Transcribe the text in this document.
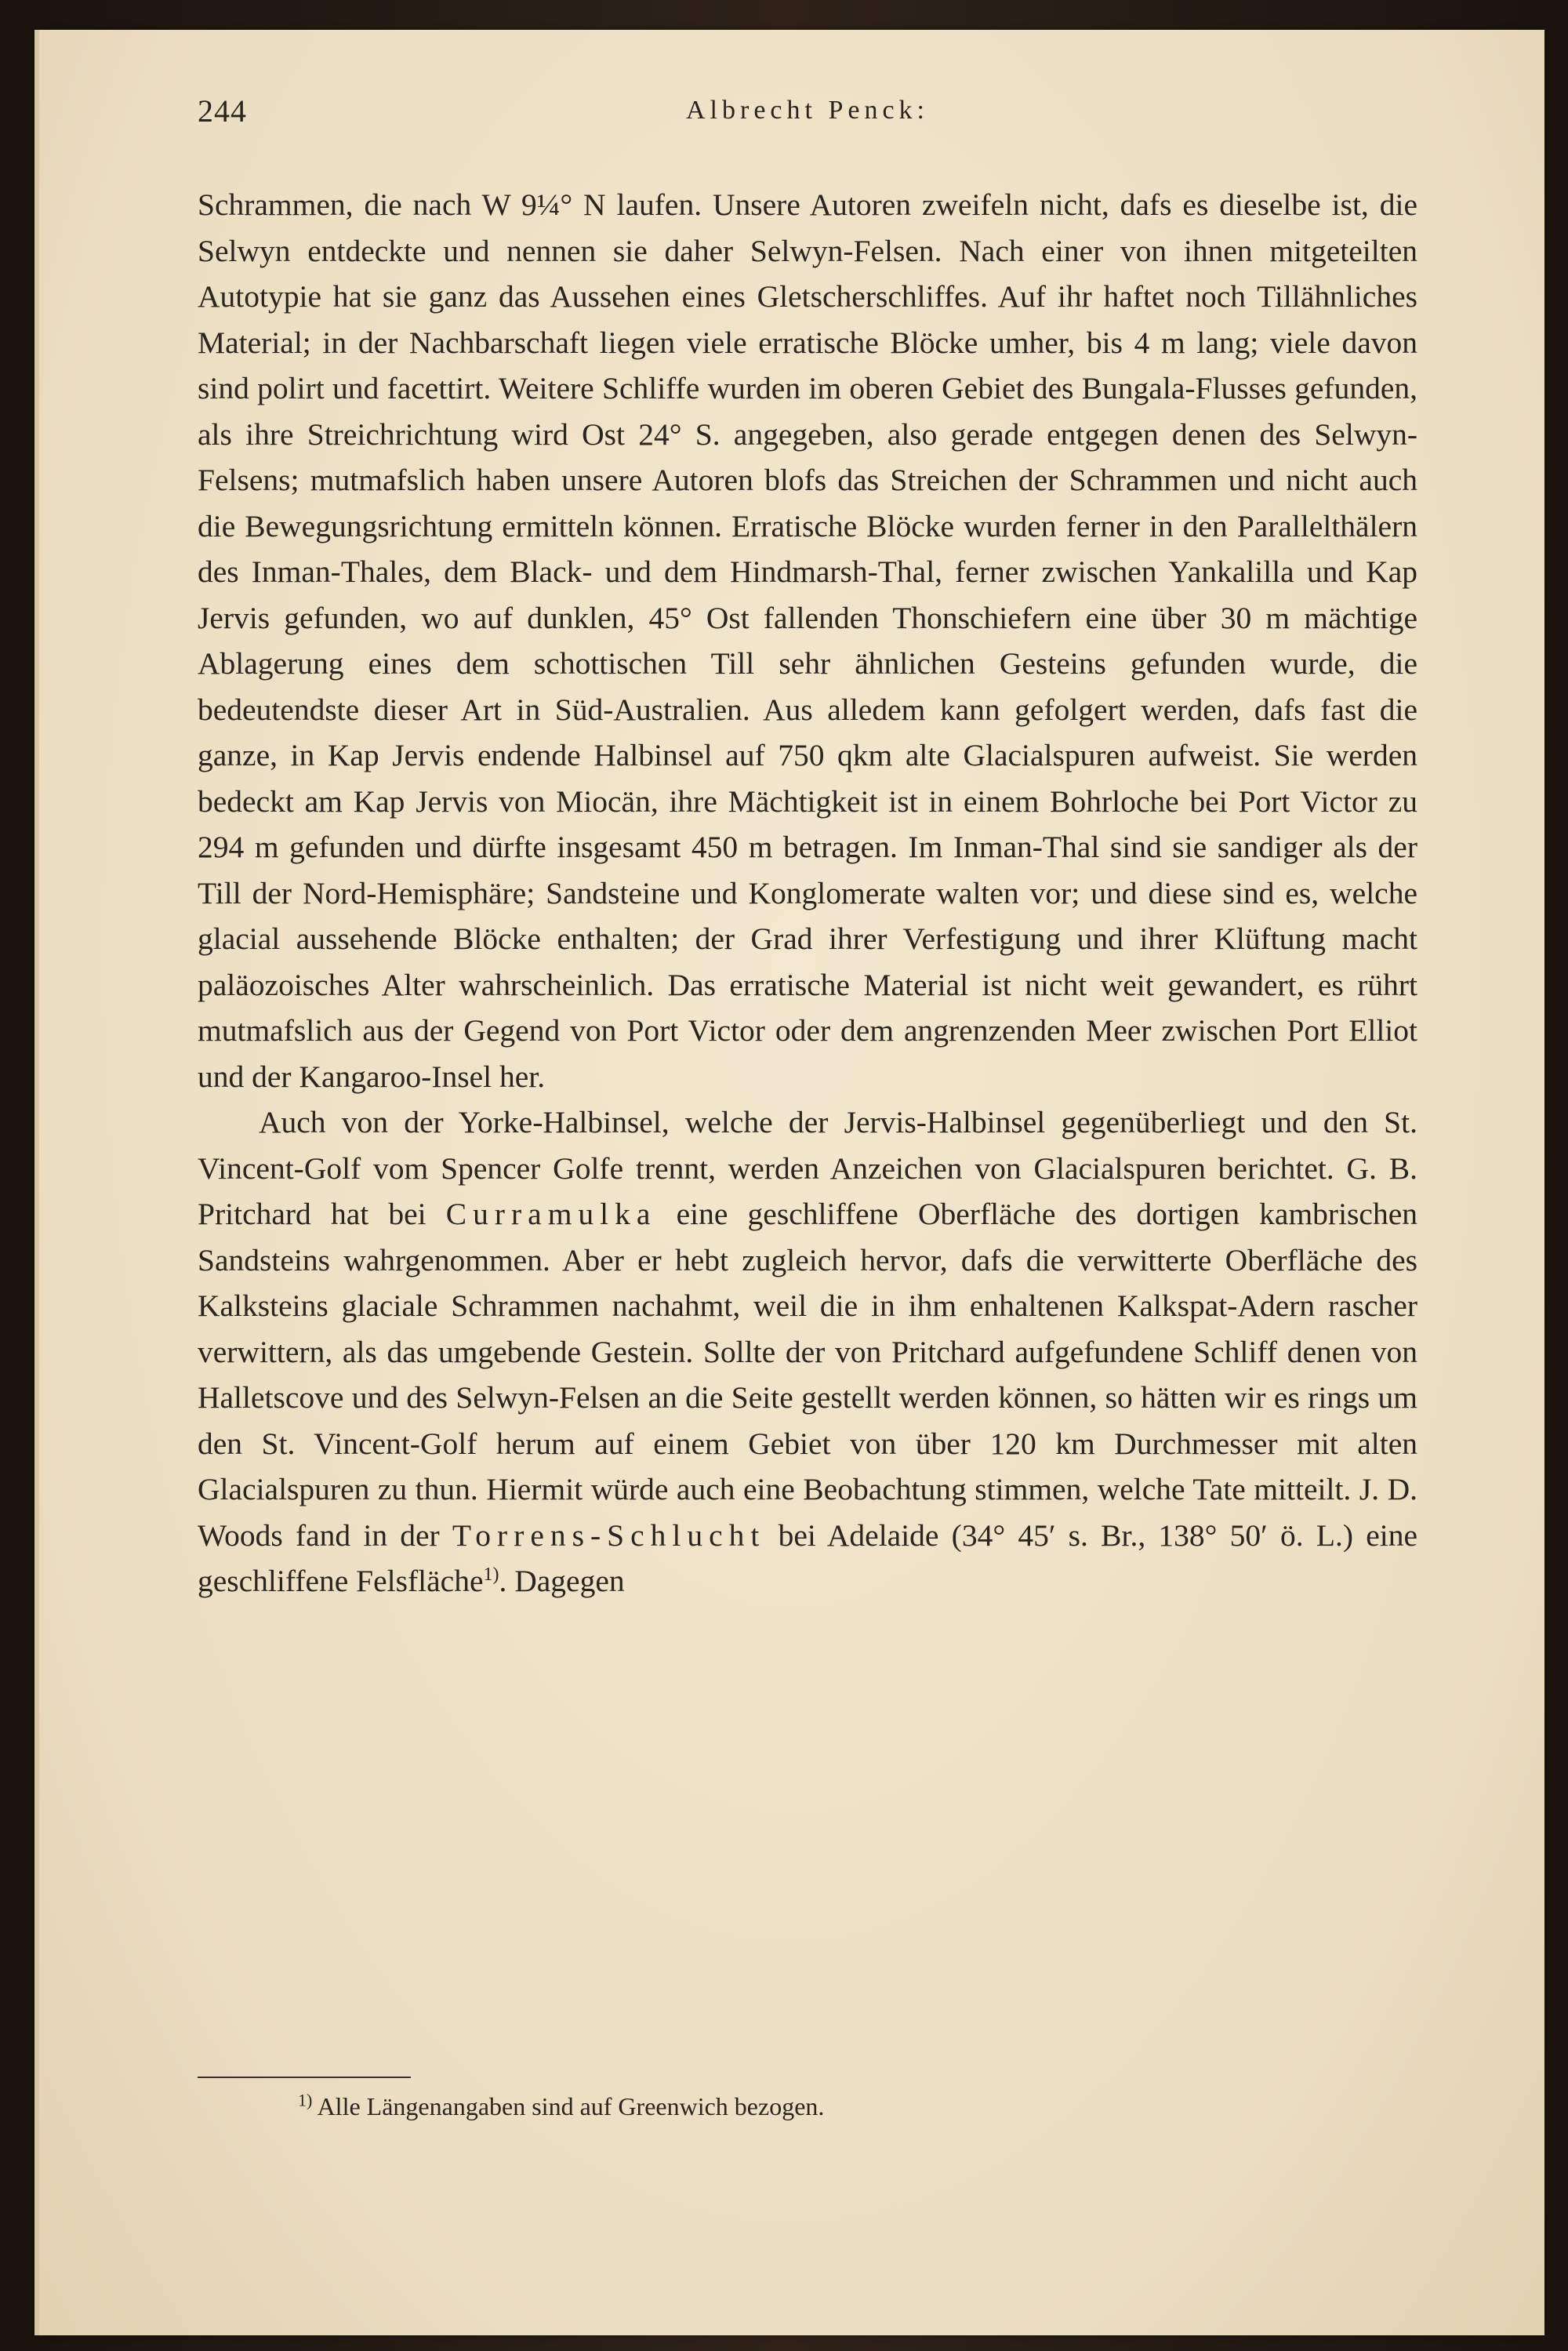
244	Albrecht Penck:

Schrammen, die nach W 9¼° N laufen. Unsere Autoren zweifeln nicht, dafs es dieselbe ist, die Selwyn entdeckte und nennen sie daher Selwyn-Felsen. Nach einer von ihnen mitgeteilten Autotypie hat sie ganz das Aussehen eines Gletscherschliffes. Auf ihr haftet noch Tillähnliches Material; in der Nachbarschaft liegen viele erratische Blöcke umher, bis 4 m lang; viele davon sind polirt und facettirt. Weitere Schliffe wurden im oberen Gebiet des Bungala-Flusses gefunden, als ihre Streichrichtung wird Ost 24° S. angegeben, also gerade entgegen denen des Selwyn-Felsens; mutmafslich haben unsere Autoren blofs das Streichen der Schrammen und nicht auch die Bewegungsrichtung ermitteln können. Erratische Blöcke wurden ferner in den Parallelthälern des Inman-Thales, dem Black- und dem Hindmarsh-Thal, ferner zwischen Yankalilla und Kap Jervis gefunden, wo auf dunklen, 45° Ost fallenden Thonschiefern eine über 30 m mächtige Ablagerung eines dem schottischen Till sehr ähnlichen Gesteins gefunden wurde, die bedeutendste dieser Art in Süd-Australien. Aus alledem kann gefolgert werden, dafs fast die ganze, in Kap Jervis endende Halbinsel auf 750 qkm alte Glacialspuren aufweist. Sie werden bedeckt am Kap Jervis von Miocän, ihre Mächtigkeit ist in einem Bohrloche bei Port Victor zu 294 m gefunden und dürfte insgesamt 450 m betragen. Im Inman-Thal sind sie sandiger als der Till der Nord-Hemisphäre; Sandsteine und Konglomerate walten vor; und diese sind es, welche glacial aussehende Blöcke enthalten; der Grad ihrer Verfestigung und ihrer Klüftung macht paläozoisches Alter wahrscheinlich. Das erratische Material ist nicht weit gewandert, es rührt mutmafslich aus der Gegend von Port Victor oder dem angrenzenden Meer zwischen Port Elliot und der Kangaroo-Insel her.

Auch von der Yorke-Halbinsel, welche der Jervis-Halbinsel gegenüberliegt und den St. Vincent-Golf vom Spencer Golfe trennt, werden Anzeichen von Glacialspuren berichtet. G. B. Pritchard hat bei Curramulka eine geschliffene Oberfläche des dortigen kambrischen Sandsteins wahrgenommen. Aber er hebt zugleich hervor, dafs die verwitterte Oberfläche des Kalksteins glaciale Schrammen nachahmt, weil die in ihm enhaltenen Kalkspat-Adern rascher verwittern, als das umgebende Gestein. Sollte der von Pritchard aufgefundene Schliff denen von Halletscove und des Selwyn-Felsen an die Seite gestellt werden können, so hätten wir es rings um den St. Vincent-Golf herum auf einem Gebiet von über 120 km Durchmesser mit alten Glacialspuren zu thun. Hiermit würde auch eine Beobachtung stimmen, welche Tate mitteilt. J. D. Woods fand in der Torrens-Schlucht bei Adelaide (34° 45′ s. Br., 138° 50′ ö. L.) eine geschliffene Felsfläche$^{1)}$. Dagegen

$^{1)}$ Alle Längenangaben sind auf Greenwich bezogen.
